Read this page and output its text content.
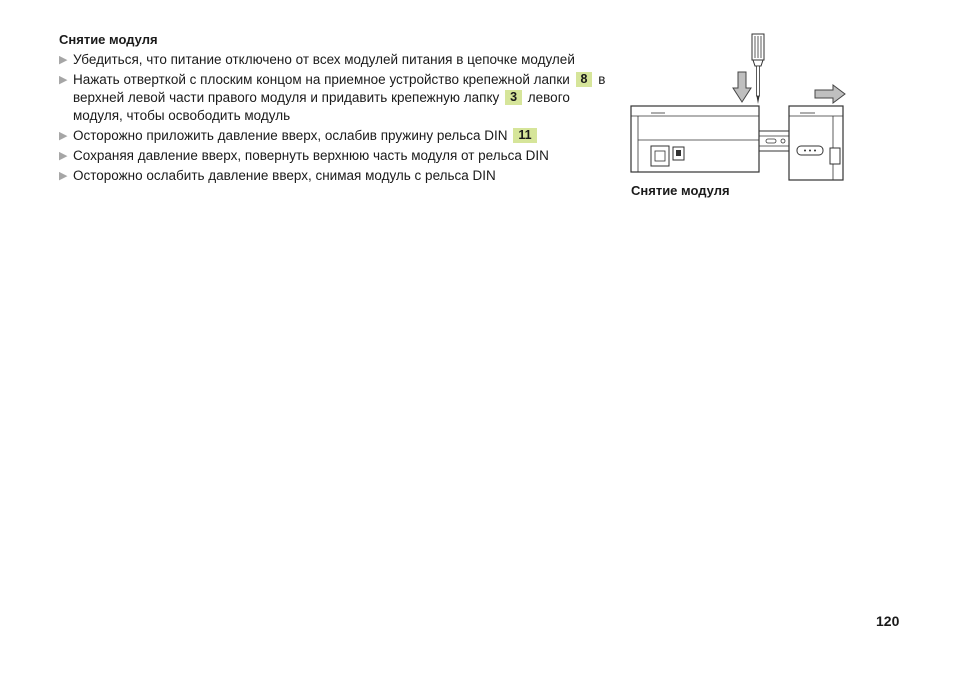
Снятие модуля
▶ Убедиться, что питание отключено от всех модулей питания в цепочке модулей
▶ Нажать отверткой с плоским концом на приемное устройство крепежной лапки 8 в верхней левой части правого модуля и придавить крепежную лапку 3 левого модуля, чтобы освободить модуль
▶ Осторожно приложить давление вверх, ослабив пружину рельса DIN 11
▶ Сохраняя давление вверх, повернуть верхнюю часть модуля от рельса DIN
▶ Осторожно ослабить давление вверх, снимая модуль с рельса DIN

Снятие модуля

120
